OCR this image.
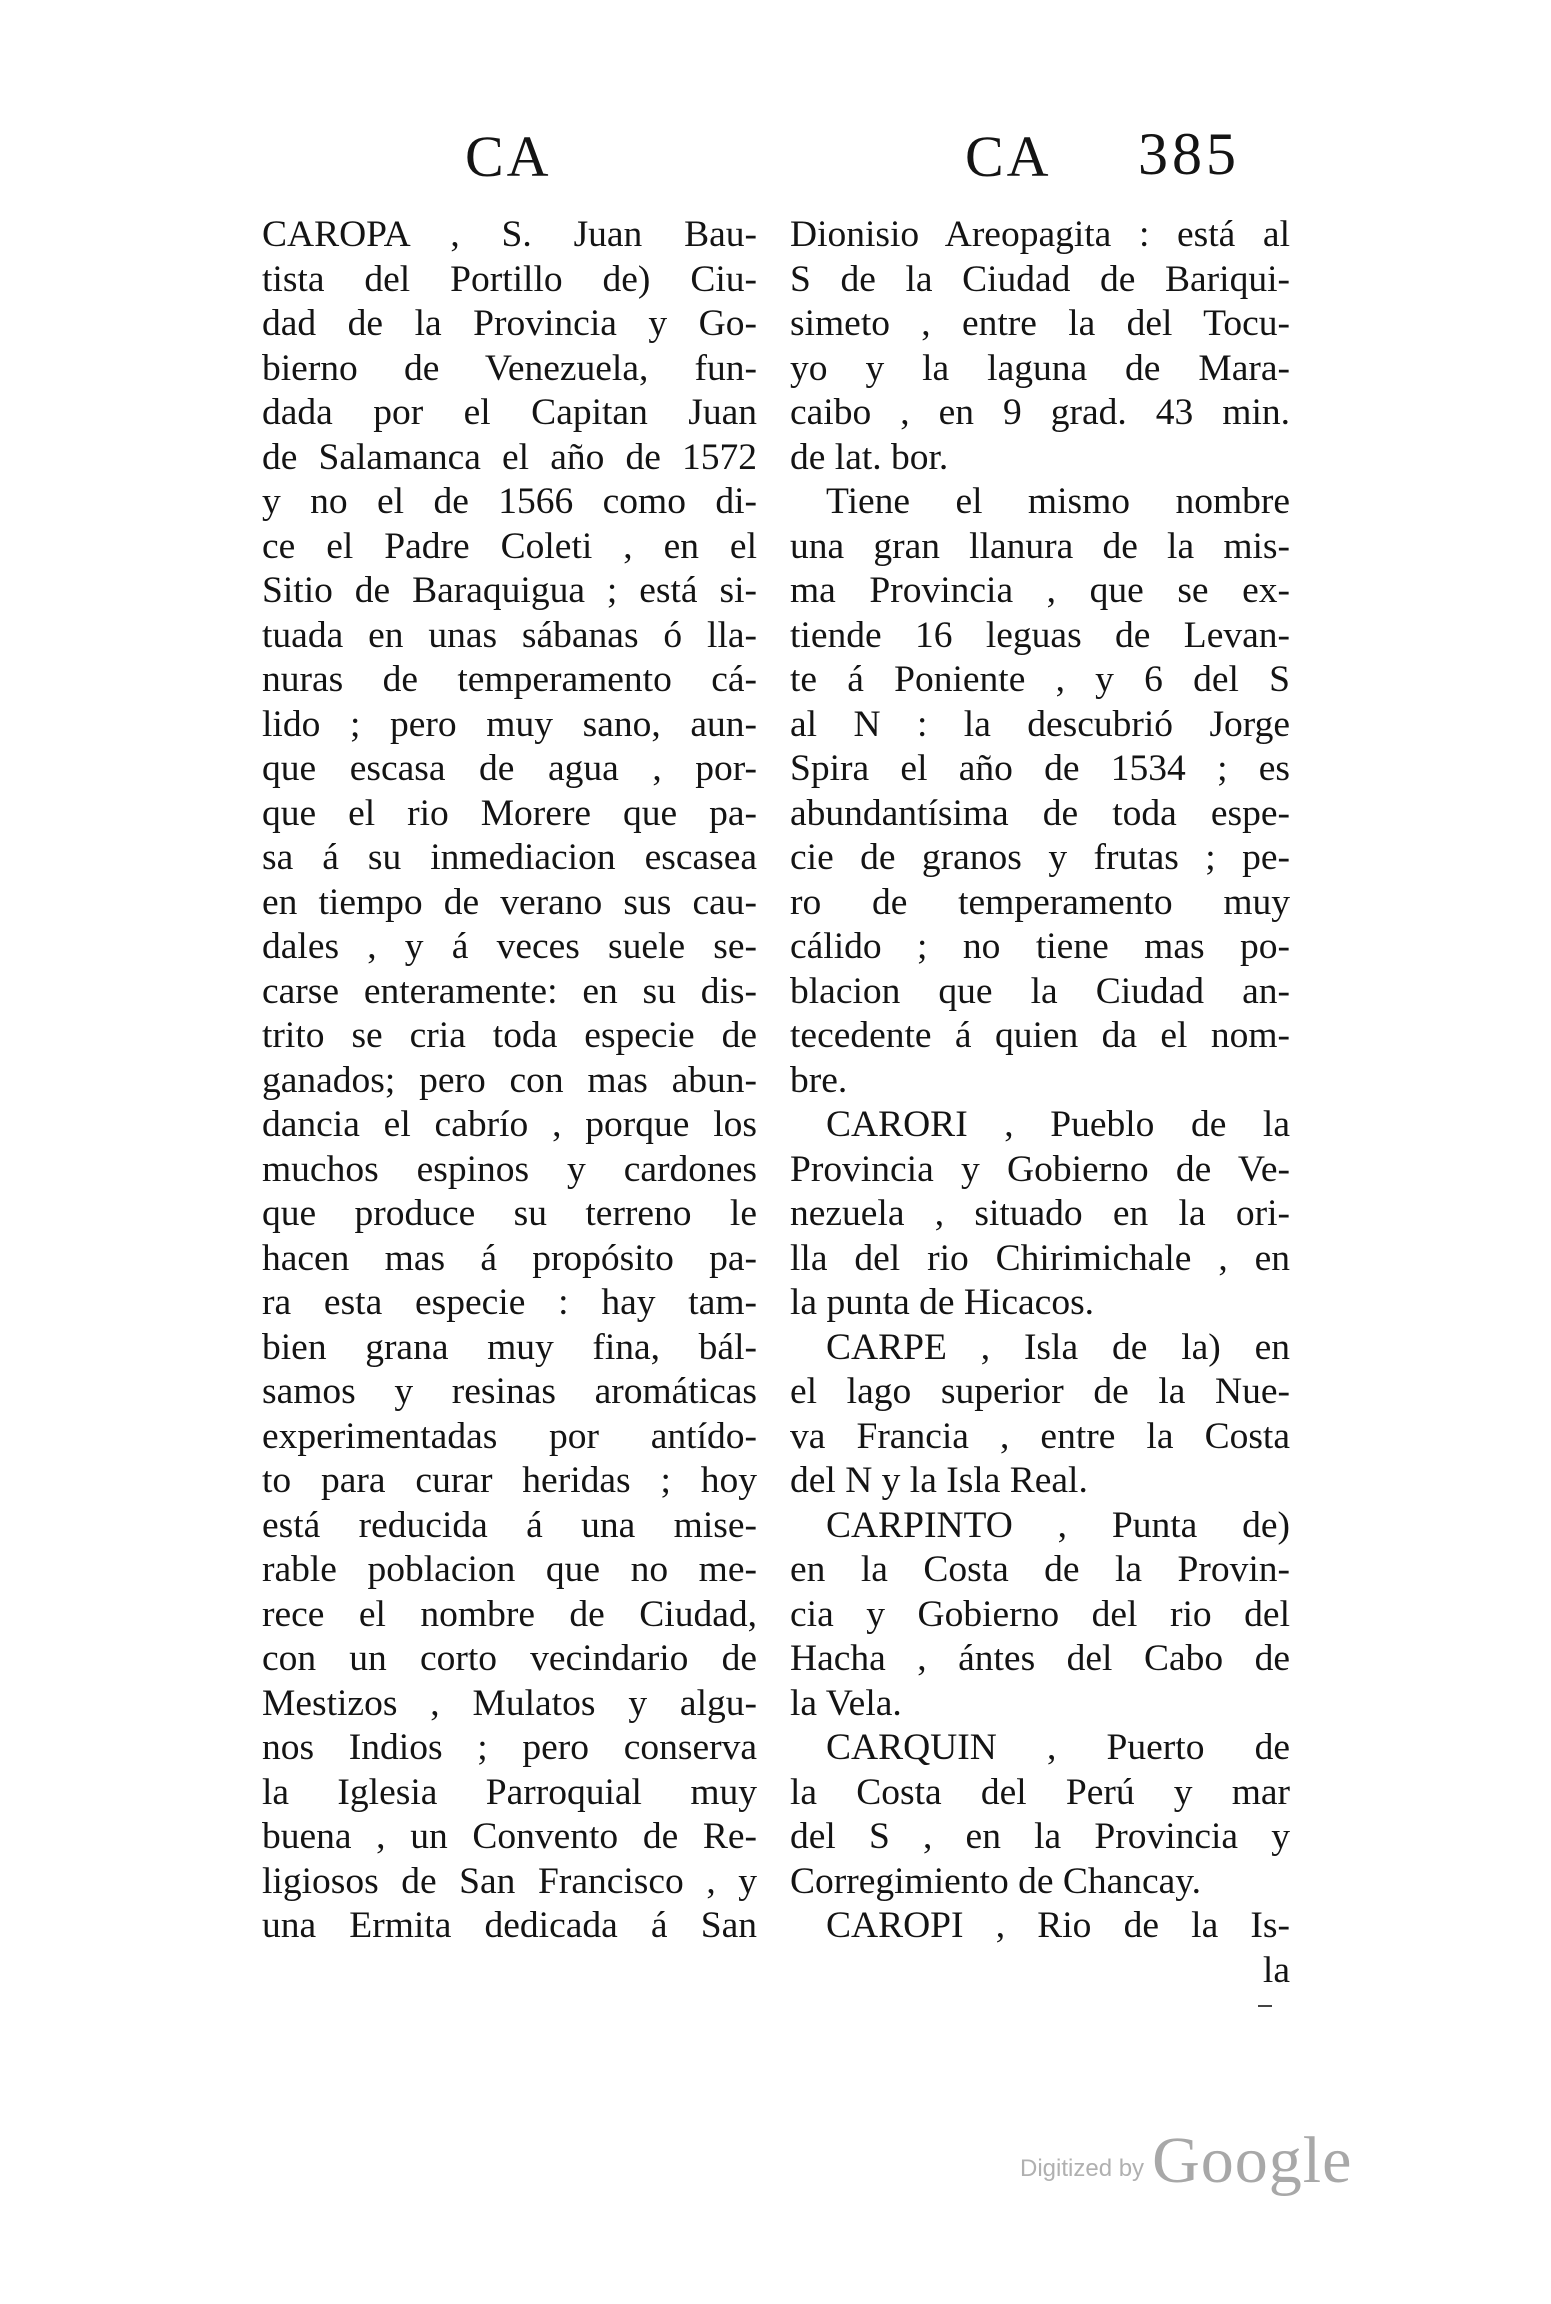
CA	CA 385
CAROPA , S. Juan Bau-
tista del Portillo de) Ciu-
dad de la Provincia y Go-
bierno de Venezuela, fun-
dada por el Capitan Juan
de Salamanca el año de 1572
y no el de 1566 como di-
ce el Padre Coleti , en el
Sitio de Baraquigua ; está si-
tuada en unas sábanas ó lla-
nuras de temperamento cá-
lido ; pero muy sano, aun-
que escasa de agua , por-
que el rio Morere que pa-
sa á su inmediacion escasea
en tiempo de verano sus cau-
dales , y á veces suele se-
carse enteramente: en su dis-
trito se cria toda especie de
ganados; pero con mas abun-
dancia el cabrío , porque los
muchos espinos y cardones
que produce su terreno le
hacen mas á propósito pa-
ra esta especie : hay tam-
bien grana muy fina, bál-
samos y resinas aromáticas
experimentadas por antído-
to para curar heridas ; hoy
está reducida á una mise-
rable poblacion que no me-
rece el nombre de Ciudad,
con un corto vecindario de
Mestizos , Mulatos y algu-
nos Indios ; pero conserva
la Iglesia Parroquial muy
buena , un Convento de Re-
ligiosos de San Francisco , y
una Ermita dedicada á San
Dionisio Areopagita : está al
S de la Ciudad de Bariqui-
simeto , entre la del Tocu-
yo y la laguna de Mara-
caibo , en 9 grad. 43 min.
de lat. bor.
Tiene el mismo nombre
una gran llanura de la mis-
ma Provincia , que se ex-
tiende 16 leguas de Levan-
te á Poniente , y 6 del S
al N : la descubrió Jorge
Spira el año de 1534 ; es
abundantísima de toda espe-
cie de granos y frutas ; pe-
ro de temperamento muy
cálido ; no tiene mas po-
blacion que la Ciudad an-
tecedente á quien da el nom-
bre.
CARORI , Pueblo de la
Provincia y Gobierno de Ve-
nezuela , situado en la ori-
lla del rio Chirimichale , en
la punta de Hicacos.
CARPE , Isla de la) en
el lago superior de la Nue-
va Francia , entre la Costa
del N y la Isla Real.
CARPINTO , Punta de)
en la Costa de la Provin-
cia y Gobierno del rio del
Hacha , ántes del Cabo de
la Vela.
CARQUIN , Puerto de
la Costa del Perú y mar
del S , en la Provincia y
Corregimiento de Chancay.
CAROPI , Rio de la Is-
la
Digitized by Google
